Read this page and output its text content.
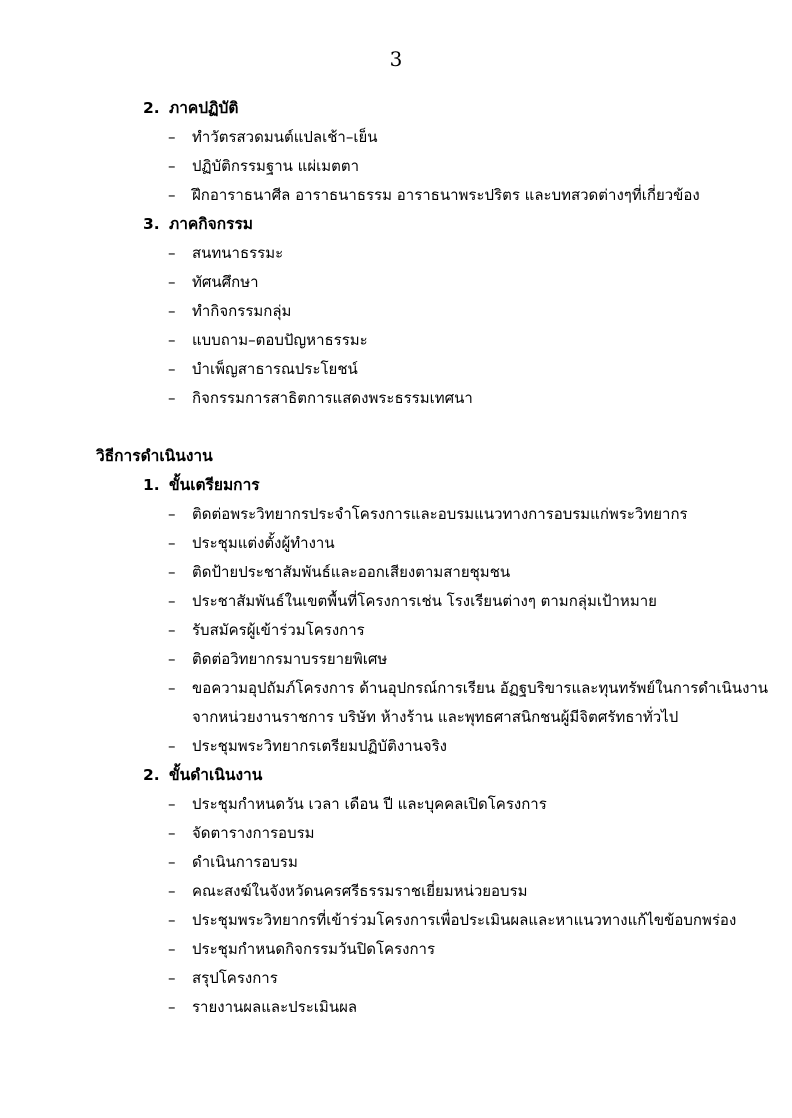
3
2. ภาคปฏิบัติ
– ทำวัตรสวดมนต์แปลเช้า–เย็น
– ปฏิบัติกรรมฐาน แผ่เมตตา
– ฝึกอาราธนาศีล อาราธนาธรรม อาราธนาพระปริตร และบทสวดต่างๆที่เกี่ยวข้อง
3. ภาคกิจกรรม
– สนทนาธรรมะ
– ทัศนศึกษา
– ทำกิจกรรมกลุ่ม
– แบบถาม–ตอบปัญหาธรรมะ
– บำเพ็ญสาธารณประโยชน์
– กิจกรรมการสาธิตการแสดงพระธรรมเทศนา
วิธีการดำเนินงาน
1. ขั้นเตรียมการ
– ติดต่อพระวิทยากรประจำโครงการและอบรมแนวทางการอบรมแก่พระวิทยากร
– ประชุมแต่งตั้งผู้ทำงาน
– ติดป้ายประชาสัมพันธ์และออกเสียงตามสายชุมชน
– ประชาสัมพันธ์ในเขตพื้นที่โครงการเช่น โรงเรียนต่างๆ ตามกลุ่มเป้าหมาย
– รับสมัครผู้เข้าร่วมโครงการ
– ติดต่อวิทยากรมาบรรยายพิเศษ
– ขอความอุปถัมภ์โครงการ ด้านอุปกรณ์การเรียน อัฏฐบริขารและทุนทรัพย์ในการดำเนินงาน
จากหน่วยงานราชการ บริษัท ห้างร้าน และพุทธศาสนิกชนผู้มีจิตศรัทธาทั่วไป
– ประชุมพระวิทยากรเตรียมปฏิบัติงานจริง
2. ขั้นดำเนินงาน
– ประชุมกำหนดวัน เวลา เดือน ปี และบุคคลเปิดโครงการ
– จัดตารางการอบรม
– ดำเนินการอบรม
– คณะสงฆ์ในจังหวัดนครศรีธรรมราชเยี่ยมหน่วยอบรม
– ประชุมพระวิทยากรที่เข้าร่วมโครงการเพื่อประเมินผลและหาแนวทางแก้ไขข้อบกพร่อง
– ประชุมกำหนดกิจกรรมวันปิดโครงการ
– สรุปโครงการ
– รายงานผลและประเมินผล
